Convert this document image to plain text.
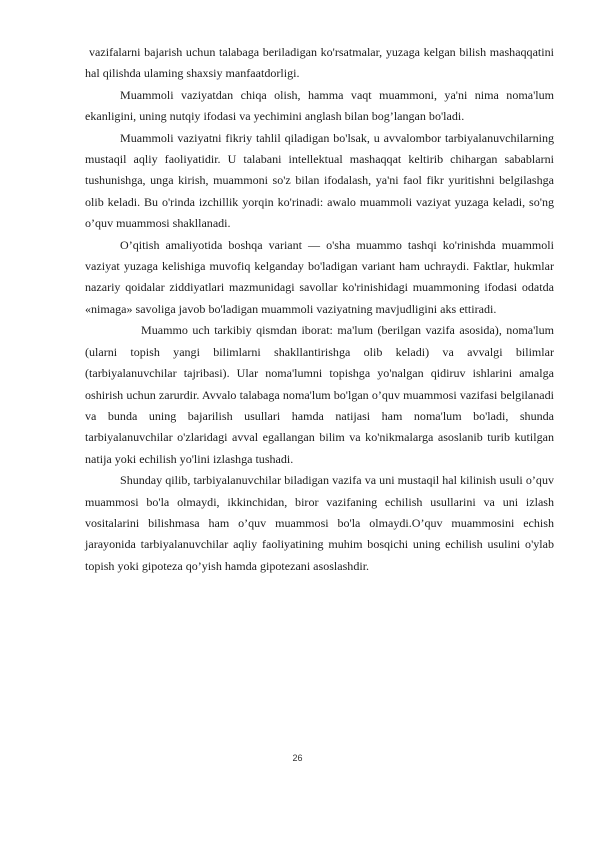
vazifalarni bajarish uchun talabaga beriladigan ko'rsatmalar, yuzaga kelgan bilish mashaqqatini hal qilishda ulaming shaxsiy manfaatdorligi.

Muammoli vaziyatdan chiqa olish, hamma vaqt muammoni, ya'ni nima noma'lum ekanligini, uning nutqiy ifodasi va yechimini anglash bilan bog’langan bo'ladi.

Muammoli vaziyatni fikriy tahlil qiladigan bo'lsak, u avvalombor tarbiyalanuvchilarning mustaqil aqliy faoliyatidir. U talabani intellektual mashaqqat keltirib chihargan sabablarni tushunishga, unga kirish, muammoni so'z bilan ifodalash, ya'ni faol fikr yuritishni belgilashga olib keladi. Bu o'rinda izchillik yorqin ko'rinadi: awalo muammoli vaziyat yuzaga keladi, so'ng o’quv muammosi shakllanadi.

O’qitish amaliyotida boshqa variant — o'sha muammo tashqi ko'rinishda muammoli vaziyat yuzaga kelishiga muvofiq kelganday bo'ladigan variant ham uchraydi. Faktlar, hukmlar nazariy qoidalar ziddiyatlari mazmunidagi savollar ko'rinishidagi muammoning ifodasi odatda «nimaga» savoliga javob bo'ladigan muammoli vaziyatning mavjudligini aks ettiradi.

Muammo uch tarkibiy qismdan iborat: ma'lum (berilgan vazifa asosida), noma'lum (ularni topish yangi bilimlarni shakllantirishga olib keladi) va avvalgi bilimlar (tarbiyalanuvchilar tajribasi). Ular noma'lumni topishga yo'nalgan qidiruv ishlarini amalga oshirish uchun zarurdir. Avvalo talabaga noma'lum bo'lgan o’quv muammosi vazifasi belgilanadi va bunda uning bajarilish usullari hamda natijasi ham noma'lum bo'ladi, shunda tarbiyalanuvchilar o'zlaridagi avval egallangan bilim va ko'nikmalarga asoslanib turib kutilgan natija yoki echilish yo'lini izlashga tushadi.

Shunday qilib, tarbiyalanuvchilar biladigan vazifa va uni mustaqil hal kilinish usuli o’quv muammosi bo'la olmaydi, ikkinchidan, biror vazifaning echilish usullarini va uni izlash vositalarini bilishmasa ham o’quv muammosi bo'la olmaydi.O’quv muammosini echish jarayonida tarbiyalanuvchilar aqliy faoliyatining muhim bosqichi uning echilish usulini o'ylab topish yoki gipoteza qo’yish hamda gipotezani asoslashdir.

26
